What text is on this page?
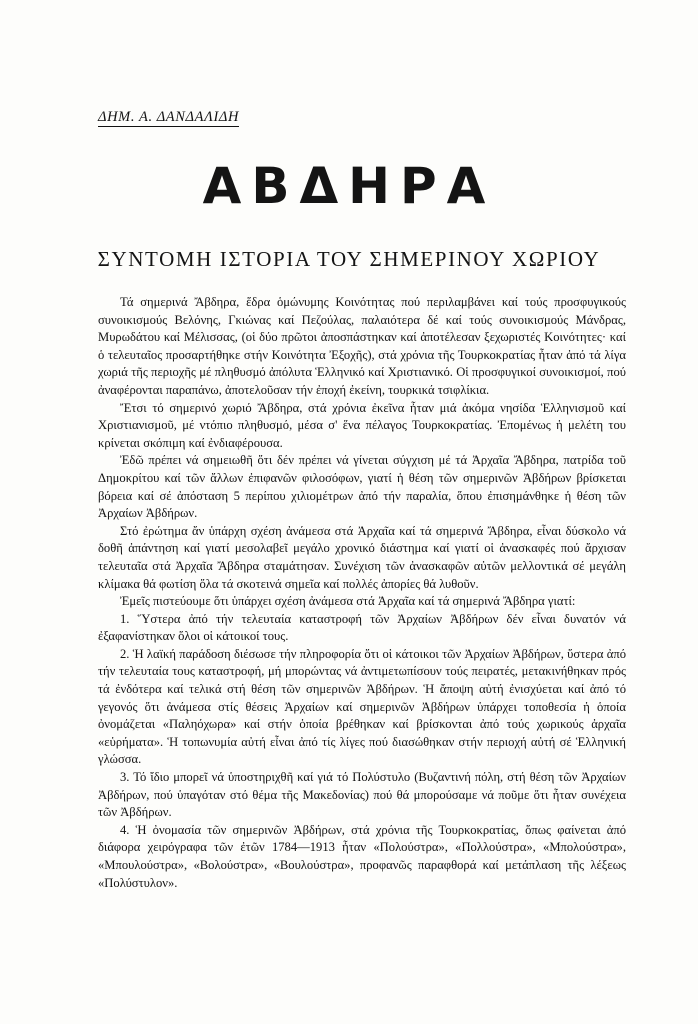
ΔΗΜ. Α. ΔΑΝΔΑΛΙΔΗ
ΑΒΔΗΡΑ
ΣΥΝΤΟΜΗ ΙΣΤΟΡΙΑ ΤΟΥ ΣΗΜΕΡΙΝΟΥ ΧΩΡΙΟΥ

Τά σημερινά Ἄβδηρα, ἕδρα ὁμώνυμης Κοινότητας πού περιλαμβάνει καί τούς προσφυγικούς συνοικισμούς Βελόνης, Γκιώνας καί Πεζούλας, παλαιότερα δέ καί τούς συνοικισμούς Μάνδρας, Μυρωδάτου καί Μέλισσας, (οἱ δύο πρῶτοι ἀποσπάστηκαν καί ἀποτέλεσαν ξεχωριστές Κοινότητες· καί ὁ τελευταῖος προσαρτήθηκε στήν Κοινότητα Ἐξοχῆς), στά χρόνια τῆς Τουρκοκρατίας ἦταν ἀπό τά λίγα χωριά τῆς περιοχῆς μέ πληθυσμό ἀπόλυτα Ἑλληνικό καί Χριστιανικό. Οἱ προσφυγικοί συνοικισμοί, πού ἀναφέρονται παραπάνω, ἀποτελοῦσαν τήν ἐποχή ἐκείνη, τουρκικά τσιφλίκια.

Ἔτσι τό σημερινό χωριό Ἄβδηρα, στά χρόνια ἐκεῖνα ἦταν μιά ἀκόμα νησίδα Ἑλληνισμοῦ καί Χριστιανισμοῦ, μέ ντόπιο πληθυσμό, μέσα σ' ἕνα πέλαγος Τουρκοκρατίας. Ἐπομένως ἡ μελέτη του κρίνεται σκόπιμη καί ἐνδιαφέρουσα.

Ἐδῶ πρέπει νά σημειωθῆ ὅτι δέν πρέπει νά γίνεται σύγχιση μέ τά Ἀρχαῖα Ἄβδηρα, πατρίδα τοῦ Δημοκρίτου καί τῶν ἄλλων ἐπιφανῶν φιλοσόφων, γιατί ἡ θέση τῶν σημερινῶν Ἀβδήρων βρίσκεται βόρεια καί σέ ἀπόσταση 5 περίπου χιλιομέτρων ἀπό τήν παραλία, ὅπου ἐπισημάνθηκε ἡ θέση τῶν Ἀρχαίων Ἀβδήρων.

Στό ἐρώτημα ἄν ὑπάρχη σχέση ἀνάμεσα στά Ἀρχαῖα καί τά σημερινά Ἄβδηρα, εἶναι δύσκολο νά δοθῆ ἀπάντηση καί γιατί μεσολαβεῖ μεγάλο χρονικό διάστημα καί γιατί οἱ ἀνασκαφές πού ἄρχισαν τελευταῖα στά Ἀρχαῖα Ἄβδηρα σταμάτησαν. Συνέχιση τῶν ἀνασκαφῶν αὐτῶν μελλοντικά σέ μεγάλη κλίμακα θά φωτίση ὅλα τά σκοτεινά σημεῖα καί πολλές ἀπορίες θά λυθοῦν.

Ἐμεῖς πιστεύουμε ὅτι ὑπάρχει σχέση ἀνάμεσα στά Ἀρχαῖα καί τά σημερινά Ἄβδηρα γιατί:

1. Ὕστερα ἀπό τήν τελευταία καταστροφή τῶν Ἀρχαίων Ἀβδήρων δέν εἶναι δυνατόν νά ἐξαφανίστηκαν ὅλοι οἱ κάτοικοί τους.

2. Ἡ λαϊκή παράδοση διέσωσε τήν πληροφορία ὅτι οἱ κάτοικοι τῶν Ἀρχαίων Ἀβδήρων, ὕστερα ἀπό τήν τελευταία τους καταστροφή, μή μπορώντας νά ἀντιμετωπίσουν τούς πειρατές, μετακινήθηκαν πρός τά ἐνδότερα καί τελικά στή θέση τῶν σημερινῶν Ἀβδήρων. Ἡ ἄποψη αὐτή ἐνισχύεται καί ἀπό τό γεγονός ὅτι ἀνάμεσα στίς θέσεις Ἀρχαίων καί σημερινῶν Ἀβδήρων ὑπάρχει τοποθεσία ἡ ὁποία ὀνομάζεται «Παληόχωρα» καί στήν ὁποία βρέθηκαν καί βρίσκονται ἀπό τούς χωρικούς ἀρχαῖα «εὑρήματα». Ἡ τοπωνυμία αὐτή εἶναι ἀπό τίς λίγες πού διασώθηκαν στήν περιοχή αὐτή σέ Ἑλληνική γλώσσα.

3. Τό ἴδιο μπορεῖ νά ὑποστηριχθῆ καί γιά τό Πολύστυλο (Βυζαντινή πόλη, στή θέση τῶν Ἀρχαίων Ἀβδήρων, πού ὑπαγόταν στό θέμα τῆς Μακεδονίας) πού θά μπορούσαμε νά ποῦμε ὅτι ἦταν συνέχεια τῶν Ἀβδήρων.

4. Ἡ ὀνομασία τῶν σημερινῶν Ἀβδήρων, στά χρόνια τῆς Τουρκοκρατίας, ὅπως φαίνεται ἀπό διάφορα χειρόγραφα τῶν ἐτῶν 1784—1913 ἦταν «Πολούστρα», «Πολλούστρα», «Μπολούστρα», «Μπουλούστρα», «Βολούστρα», «Βουλούστρα», προφανῶς παραφθορά καί μετάπλαση τῆς λέξεως «Πολύστυλον».
